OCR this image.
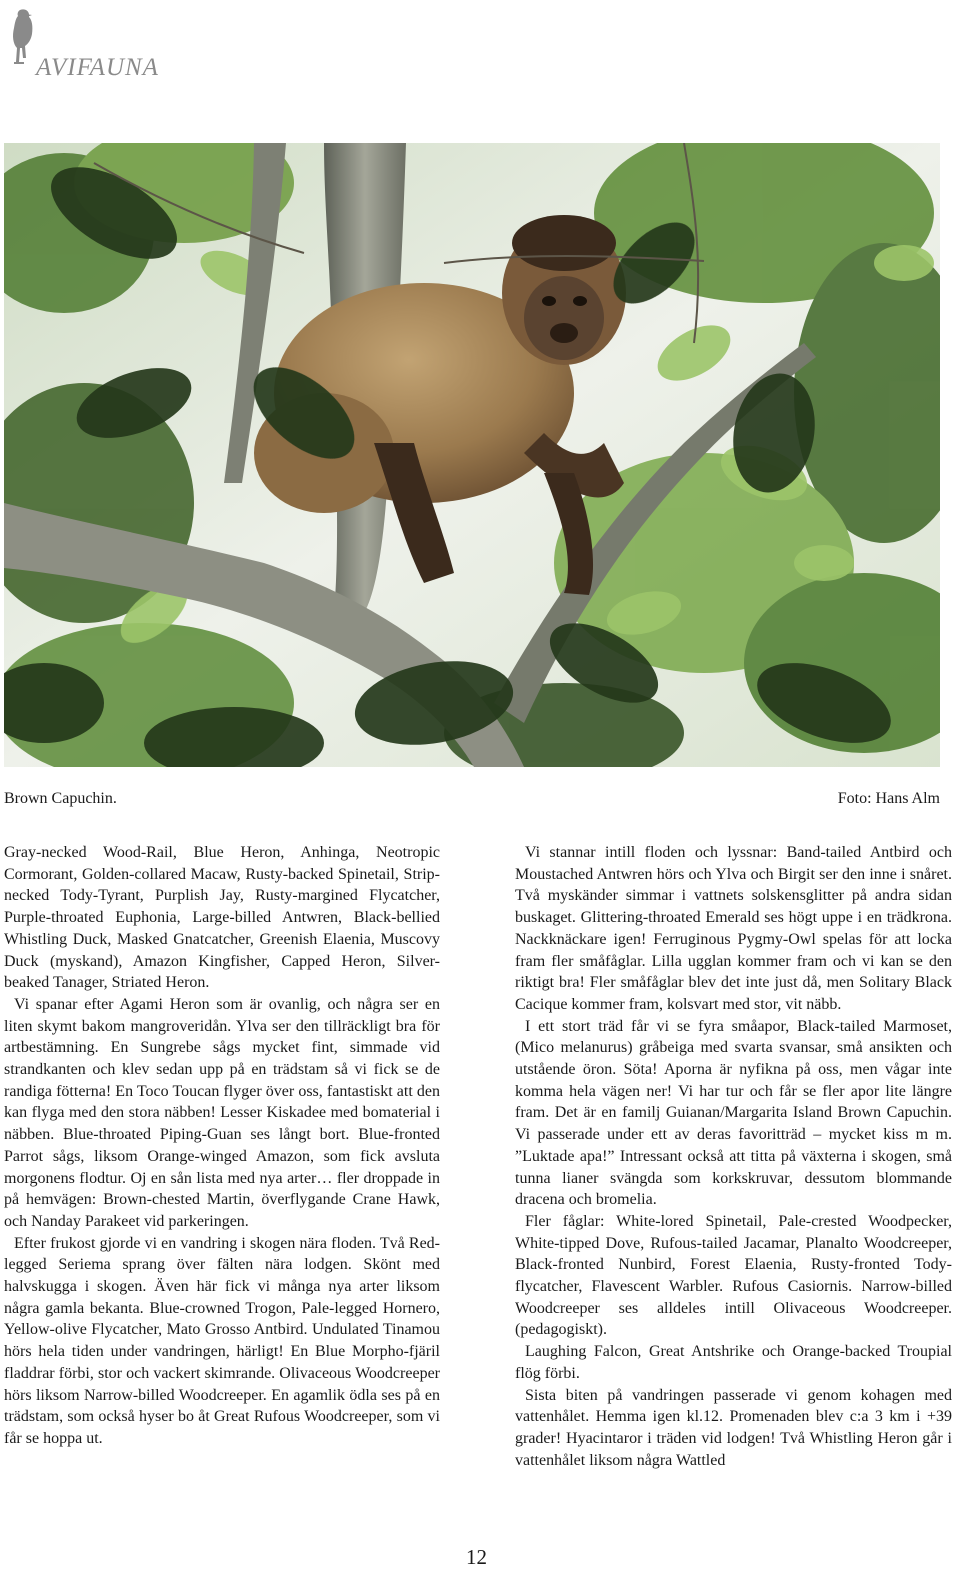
AVIFAUNA
Brown Capuchin.	Foto: Hans Alm

Gray-necked Wood-Rail, Blue Heron, Anhinga, Neotropic Cormorant, Golden-collared Macaw, Rusty-backed Spinetail, Strip-necked Tody-Tyrant, Purplish Jay, Rusty-margined Flycatcher, Purple-throated Euphonia, Large-billed Antwren, Black-bellied Whistling Duck, Masked Gnatcatcher, Greenish Elaenia, Muscovy Duck (myskand), Amazon Kingfisher, Capped Heron, Silver-beaked Tanager, Striated Heron.

Vi spanar efter Agami Heron som är ovanlig, och några ser en liten skymt bakom mangroveridån. Ylva ser den tillräckligt bra för artbestämning. En Sungrebe sågs mycket fint, simmade vid strandkanten och klev sedan upp på en trädstam så vi fick se de randiga fötterna! En Toco Toucan flyger över oss, fantastiskt att den kan flyga med den stora näbben! Lesser Kiskadee med bomaterial i näbben. Blue-throated Piping-Guan ses långt bort. Blue-fronted Parrot sågs, liksom Orange-winged Amazon, som fick avsluta morgonens flodtur. Oj en sån lista med nya arter… fler droppade in på hemvägen: Brown-chested Martin, överflygande Crane Hawk, och Nanday Parakeet vid parkeringen.

Efter frukost gjorde vi en vandring i skogen nära floden. Två Red-legged Seriema sprang över fälten nära lodgen. Skönt med halvskugga i skogen. Även här fick vi många nya arter liksom några gamla bekanta. Blue-crowned Trogon, Pale-legged Hornero, Yellow-olive Flycatcher, Mato Grosso Antbird. Undulated Tinamou hörs hela tiden under vandringen, härligt! En Blue Morpho-fjäril fladdrar förbi, stor och vackert skimrande. Olivaceous Woodcreeper hörs liksom Narrow-billed Woodcreeper. En agamlik ödla ses på en trädstam, som också hyser bo åt Great Rufous Woodcreeper, som vi får se hoppa ut.

Vi stannar intill floden och lyssnar: Band-tailed Antbird och Moustached Antwren hörs och Ylva och Birgit ser den inne i snåret. Två myskänder simmar i vattnets solskensglitter på andra sidan buskaget. Glittering-throated Emerald ses högt uppe i en trädkrona. Nackknäckare igen! Ferruginous Pygmy-Owl spelas för att locka fram fler småfåglar. Lilla ugglan kommer fram och vi kan se den riktigt bra! Fler småfåglar blev det inte just då, men Solitary Black Cacique kommer fram, kolsvart med stor, vit näbb.

I ett stort träd får vi se fyra småapor, Black-tailed Marmoset, (Mico melanurus) gråbeiga med svarta svansar, små ansikten och utstående öron. Söta! Aporna är nyfikna på oss, men vågar inte komma hela vägen ner! Vi har tur och får se fler apor lite längre fram. Det är en familj Guianan/Margarita Island Brown Capuchin. Vi passerade under ett av deras favoritträd – mycket kiss m m. ”Luktade apa!” Intressant också att titta på växterna i skogen, små tunna lianer svängda som korkskruvar, dessutom blommande dracena och bromelia.

Fler fåglar: White-lored Spinetail, Pale-crested Woodpecker, White-tipped Dove, Rufous-tailed Jacamar, Planalto Woodcreeper, Black-fronted Nunbird, Forest Elaenia, Rusty-fronted Tody-flycatcher, Flavescent Warbler. Rufous Casiornis. Narrow-billed Woodcreeper ses alldeles intill Olivaceous Woodcreeper. (pedagogiskt).

Laughing Falcon, Great Antshrike och Orange-backed Troupial flög förbi.

Sista biten på vandringen passerade vi genom kohagen med vattenhålet. Hemma igen kl.12. Promenaden blev c:a 3 km i +39 grader! Hyacintaror i träden vid lodgen! Två Whistling Heron går i vattenhålet liksom några Wattled

12
